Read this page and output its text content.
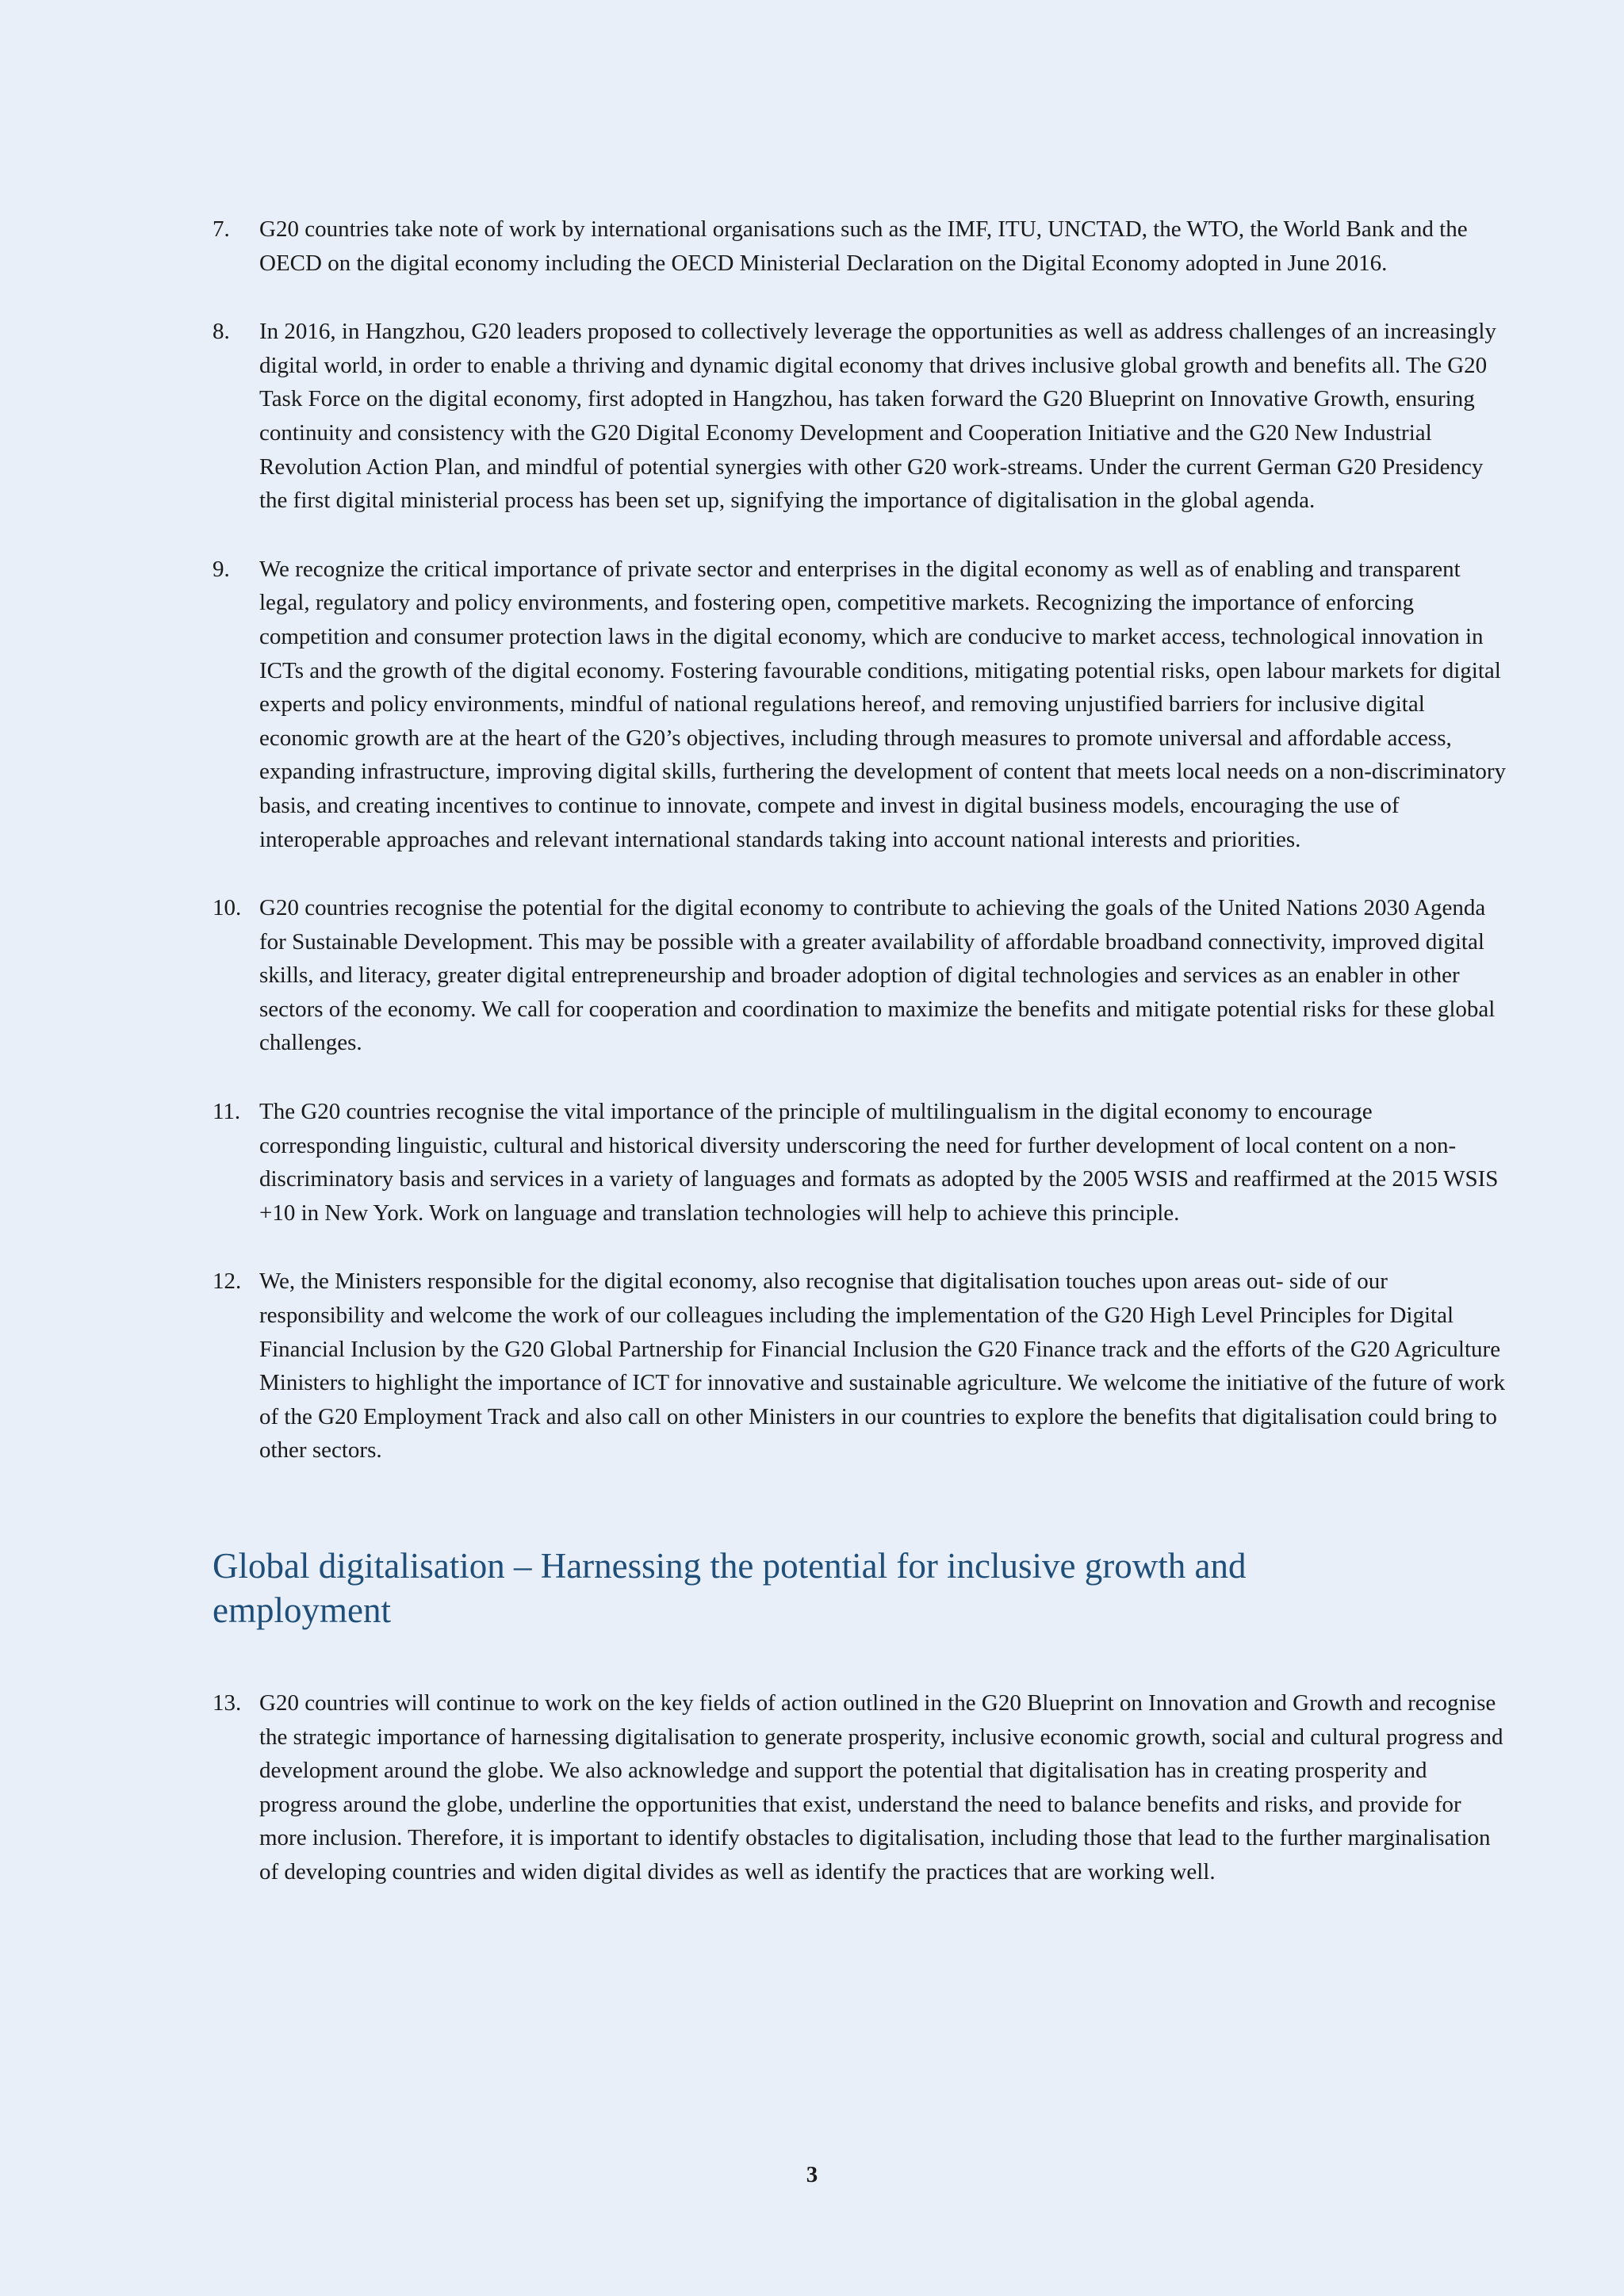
7.	G20 countries take note of work by international organisations such as the IMF, ITU, UNCTAD, the WTO, the World Bank and the OECD on the digital economy including the OECD Ministerial Declaration on the Digital Economy adopted in June 2016.
8.	In 2016, in Hangzhou, G20 leaders proposed to collectively leverage the opportunities as well as address challenges of an increasingly digital world, in order to enable a thriving and dynamic digital economy that drives inclusive global growth and benefits all. The G20 Task Force on the digital economy, first adopted in Hangzhou, has taken forward the G20 Blueprint on Innovative Growth, ensuring continuity and consistency with the G20 Digital Economy Development and Cooperation Initiative and the G20 New Industrial Revolution Action Plan, and mindful of potential synergies with other G20 work-streams. Under the current German G20 Presidency the first digital ministerial process has been set up, signifying the importance of digitalisation in the global agenda.
9.	We recognize the critical importance of private sector and enterprises in the digital economy as well as of enabling and transparent legal, regulatory and policy environments, and fostering open, competitive markets. Recognizing the importance of enforcing competition and consumer protection laws in the digital economy, which are conducive to market access, technological innovation in ICTs and the growth of the digital economy. Fostering favourable conditions, mitigating potential risks, open labour markets for digital experts and policy environments, mindful of national regulations hereof, and removing unjustified barriers for inclusive digital economic growth are at the heart of the G20’s objectives, including through measures to promote universal and affordable access, expanding infrastructure, improving digital skills, furthering the development of content that meets local needs on a non-discriminatory basis, and creating incentives to continue to innovate, compete and invest in digital business models, encouraging the use of interoperable approaches and relevant international standards taking into account national interests and priorities.
10. G20 countries recognise the potential for the digital economy to contribute to achieving the goals of the United Nations 2030 Agenda for Sustainable Development. This may be possible with a greater availability of affordable broadband connectivity, improved digital skills, and literacy, greater digital entrepreneurship and broader adoption of digital technologies and services as an enabler in other sectors of the economy. We call for cooperation and coordination to maximize the benefits and mitigate potential risks for these global challenges.
11. The G20 countries recognise the vital importance of the principle of multilingualism in the digital economy to encourage corresponding linguistic, cultural and historical diversity underscoring the need for further development of local content on a non-discriminatory basis and services in a variety of languages and formats as adopted by the 2005 WSIS and reaffirmed at the 2015 WSIS +10 in New York. Work on language and translation technologies will help to achieve this principle.
12. We, the Ministers responsible for the digital economy, also recognise that digitalisation touches upon areas out- side of our responsibility and welcome the work of our colleagues including the implementation of the G20 High Level Principles for Digital Financial Inclusion by the G20 Global Partnership for Financial Inclusion the G20 Finance track and the efforts of the G20 Agriculture Ministers to highlight the importance of ICT for innovative and sustainable agriculture. We welcome the initiative of the future of work of the G20 Employment Track and also call on other Ministers in our countries to explore the benefits that digitalisation could bring to other sectors.
Global digitalisation – Harnessing the potential for inclusive growth and employment
13. G20 countries will continue to work on the key fields of action outlined in the G20 Blueprint on Innovation and Growth and recognise the strategic importance of harnessing digitalisation to generate prosperity, inclusive economic growth, social and cultural progress and development around the globe. We also acknowledge and support the potential that digitalisation has in creating prosperity and progress around the globe, underline the opportunities that exist, understand the need to balance benefits and risks, and provide for more inclusion. Therefore, it is important to identify obstacles to digitalisation, including those that lead to the further marginalisation of developing countries and widen digital divides as well as identify the practices that are working well.
3
